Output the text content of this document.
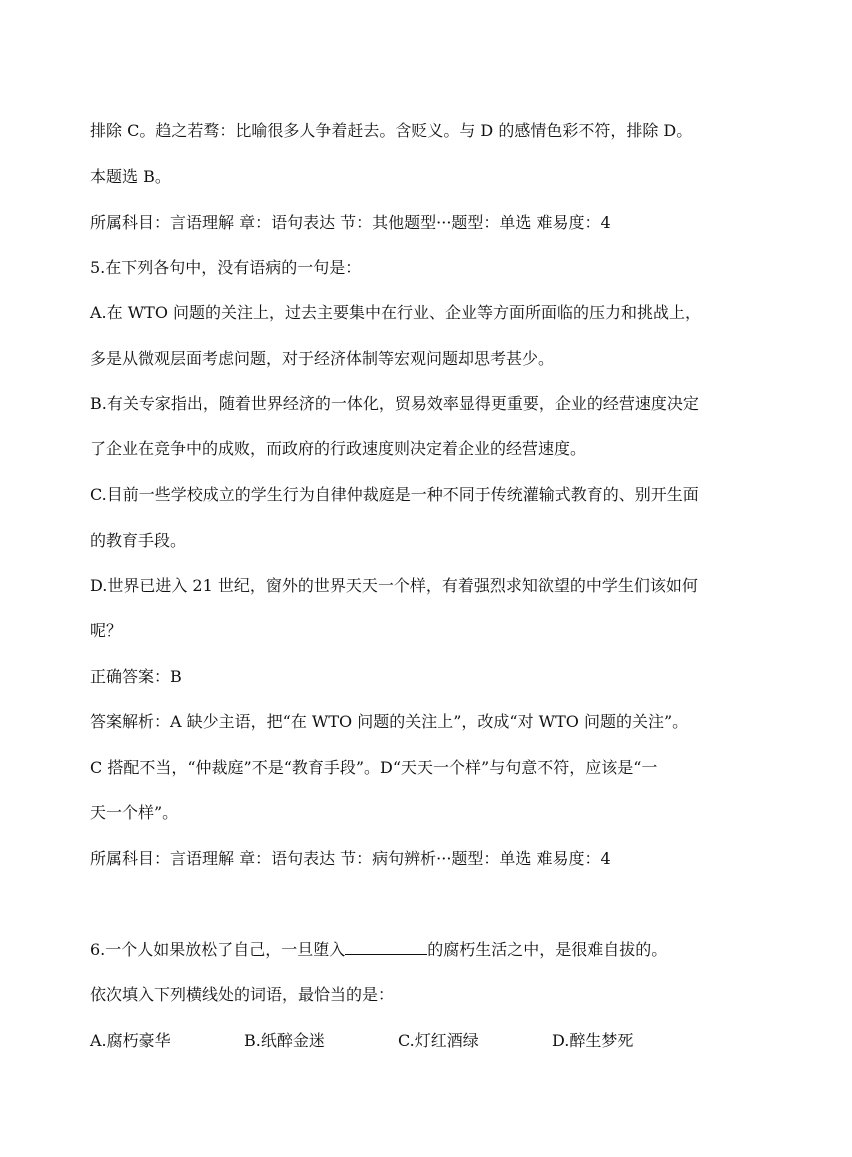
排除 C。趋之若骛：比喻很多人争着赶去。含贬义。与 D 的感情色彩不符，排除 D。
本题选 B。
所属科目：言语理解 章：语句表达 节：其他题型···题型：单选 难易度：4
5.在下列各句中，没有语病的一句是：
A.在 WTO 问题的关注上，过去主要集中在行业、企业等方面所面临的压力和挑战上，
多是从微观层面考虑问题，对于经济体制等宏观问题却思考甚少。
B.有关专家指出，随着世界经济的一体化，贸易效率显得更重要，企业的经营速度决定
了企业在竞争中的成败，而政府的行政速度则决定着企业的经营速度。
C.目前一些学校成立的学生行为自律仲裁庭是一种不同于传统灌输式教育的、别开生面
的教育手段。
D.世界已进入 21 世纪，窗外的世界天天一个样，有着强烈求知欲望的中学生们该如何
呢？
正确答案：B
答案解析：A 缺少主语，把“在 WTO 问题的关注上”，改成“对 WTO 问题的关注”。
C 搭配不当，“仲裁庭”不是“教育手段”。D“天天一个样”与句意不符，应该是“一
天一个样”。
所属科目：言语理解 章：语句表达 节：病句辨析···题型：单选 难易度：4
6.一个人如果放松了自己，一旦堕入	的腐朽生活之中，是很难自拔的。
依次填入下列横线处的词语，最恰当的是：
A.腐朽豪华	B.纸醉金迷	C.灯红酒绿	D.醉生梦死
